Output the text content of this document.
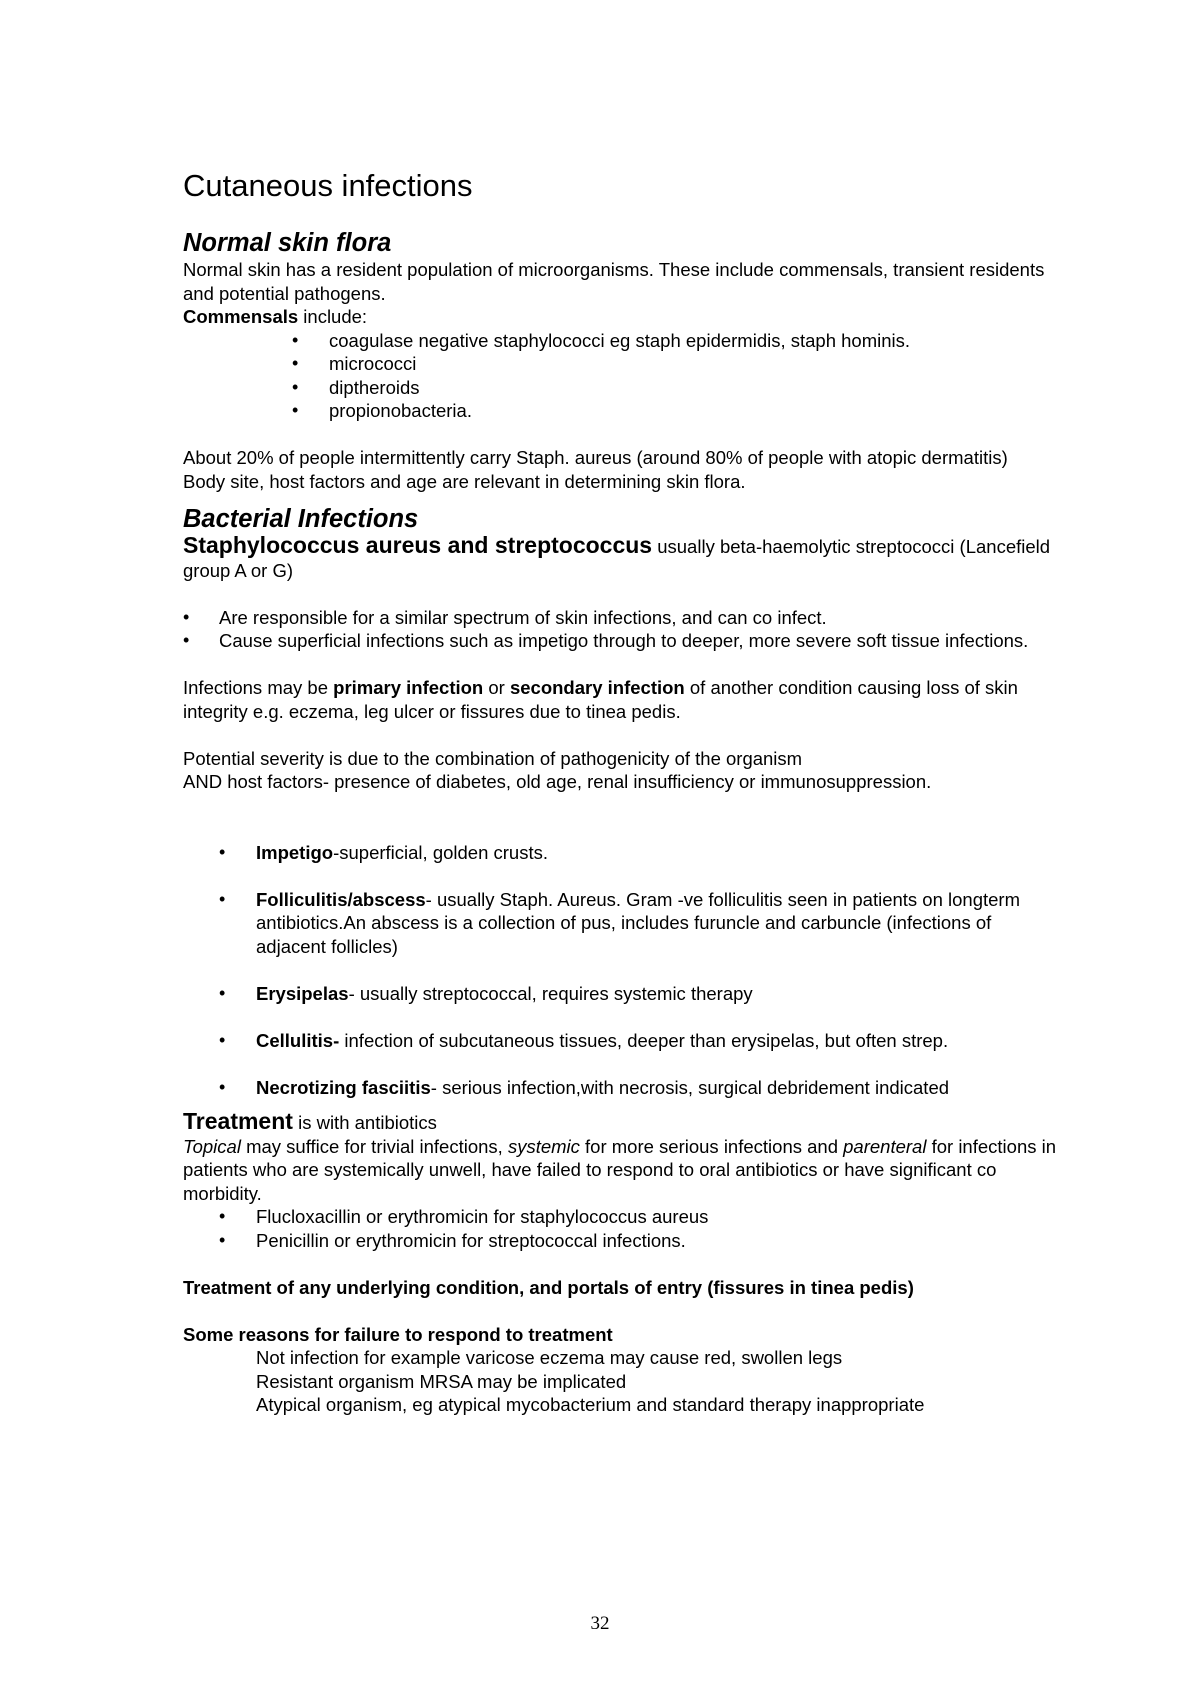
Cutaneous infections
Normal skin flora

Normal skin has a resident population of microorganisms. These include commensals, transient residents and potential pathogens.

Commensals include:

• coagulase negative staphylococci eg staph epidermidis, staph hominis.
• micrococci
• diptheroids
• propionobacteria.

About 20% of people intermittently carry Staph. aureus (around 80% of people with atopic dermatitis)

Body site, host factors and age are relevant in determining skin flora.

Bacterial Infections

Staphylococcus aureus and streptococcus usually beta-haemolytic streptococci (Lancefield group A or G)

• Are responsible for a similar spectrum of skin infections, and can co infect.
• Cause superficial infections such as impetigo through to deeper, more severe soft tissue infections.

Infections may be primary infection or secondary infection of another condition causing loss of skin integrity e.g. eczema, leg ulcer or fissures due to tinea pedis.

Potential severity is due to the combination of pathogenicity of the organism

AND host factors- presence of diabetes, old age, renal insufficiency or immunosuppression.

• Impetigo-superficial, golden crusts.
• Folliculitis/abscess- usually Staph. Aureus. Gram -ve folliculitis seen in patients on longterm antibiotics.An abscess is a collection of pus, includes furuncle and carbuncle (infections of adjacent follicles)
• Erysipelas- usually streptococcal, requires systemic therapy
• Cellulitis- infection of subcutaneous tissues, deeper than erysipelas, but often strep.
• Necrotizing fasciitis- serious infection,with necrosis, surgical debridement indicated

Treatment is with antibiotics

Topical may suffice for trivial infections, systemic for more serious infections and parenteral for infections in patients who are systemically unwell, have failed to respond to oral antibiotics or have significant co morbidity.

• Flucloxacillin or erythromicin for staphylococcus aureus
• Penicillin or erythromicin for streptococcal infections.

Treatment of any underlying condition, and portals of entry (fissures in tinea pedis)

Some reasons for failure to respond to treatment

Not infection for example varicose eczema may cause red, swollen legs

Resistant organism MRSA may be implicated

Atypical organism, eg atypical mycobacterium and standard therapy inappropriate

32
